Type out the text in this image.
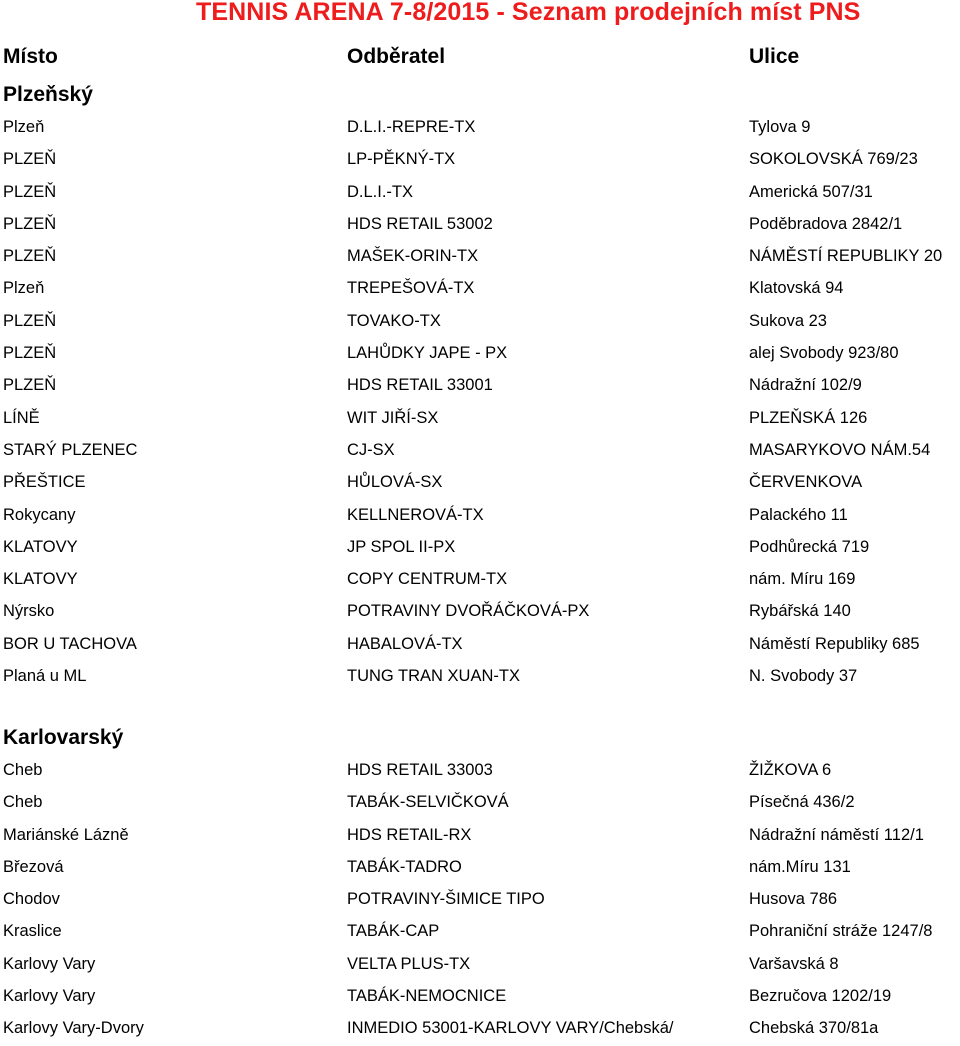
TENNIS ARENA 7-8/2015 - Seznam prodejních míst PNS
Místo	Odběratel	Ulice
Plzeňský
Plzeň	D.L.I.-REPRE-TX	Tylova 9
PLZEŇ	LP-PĚKNÝ-TX	SOKOLOVSKÁ 769/23
PLZEŇ	D.L.I.-TX	Americká 507/31
PLZEŇ	HDS RETAIL 53002	Poděbradova 2842/1
PLZEŇ	MAŠEK-ORIN-TX	NÁMĚSTÍ REPUBLIKY 20
Plzeň	TREPEŠOVÁ-TX	Klatovská 94
PLZEŇ	TOVAKO-TX	Sukova 23
PLZEŇ	LAHŮDKY JAPE - PX	alej Svobody 923/80
PLZEŇ	HDS RETAIL 33001	Nádražní 102/9
LÍNĚ	WIT JIŘÍ-SX	PLZEŇSKÁ 126
STARÝ PLZENEC	CJ-SX	MASARYKOVO NÁM.54
PŘEŠTICE	HŮLOVÁ-SX	ČERVENKOVA
Rokycany	KELLNEROVÁ-TX	Palackého 11
KLATOVY	JP SPOL II-PX	Podhůrecká 719
KLATOVY	COPY CENTRUM-TX	nám. Míru 169
Nýrsko	POTRAVINY DVOŘÁČKOVÁ-PX	Rybářská 140
BOR U TACHOVA	HABALOVÁ-TX	Náměstí Republiky 685
Planá u ML	TUNG TRAN XUAN-TX	N. Svobody 37
Karlovarský
Cheb	HDS RETAIL 33003	ŽIŽKOVA 6
Cheb	TABÁK-SELVIČKOVÁ	Písečná 436/2
Mariánské Lázně	HDS RETAIL-RX	Nádražní náměstí 112/1
Březová	TABÁK-TADRO	nám.Míru 131
Chodov	POTRAVINY-ŠIMICE TIPO	Husova 786
Kraslice	TABÁK-CAP	Pohraniční stráže 1247/8
Karlovy Vary	VELTA PLUS-TX	Varšavská 8
Karlovy Vary	TABÁK-NEMOCNICE	Bezručova 1202/19
Karlovy Vary-Dvory	INMEDIO 53001-KARLOVY VARY/Chebská/	Chebská 370/81a
